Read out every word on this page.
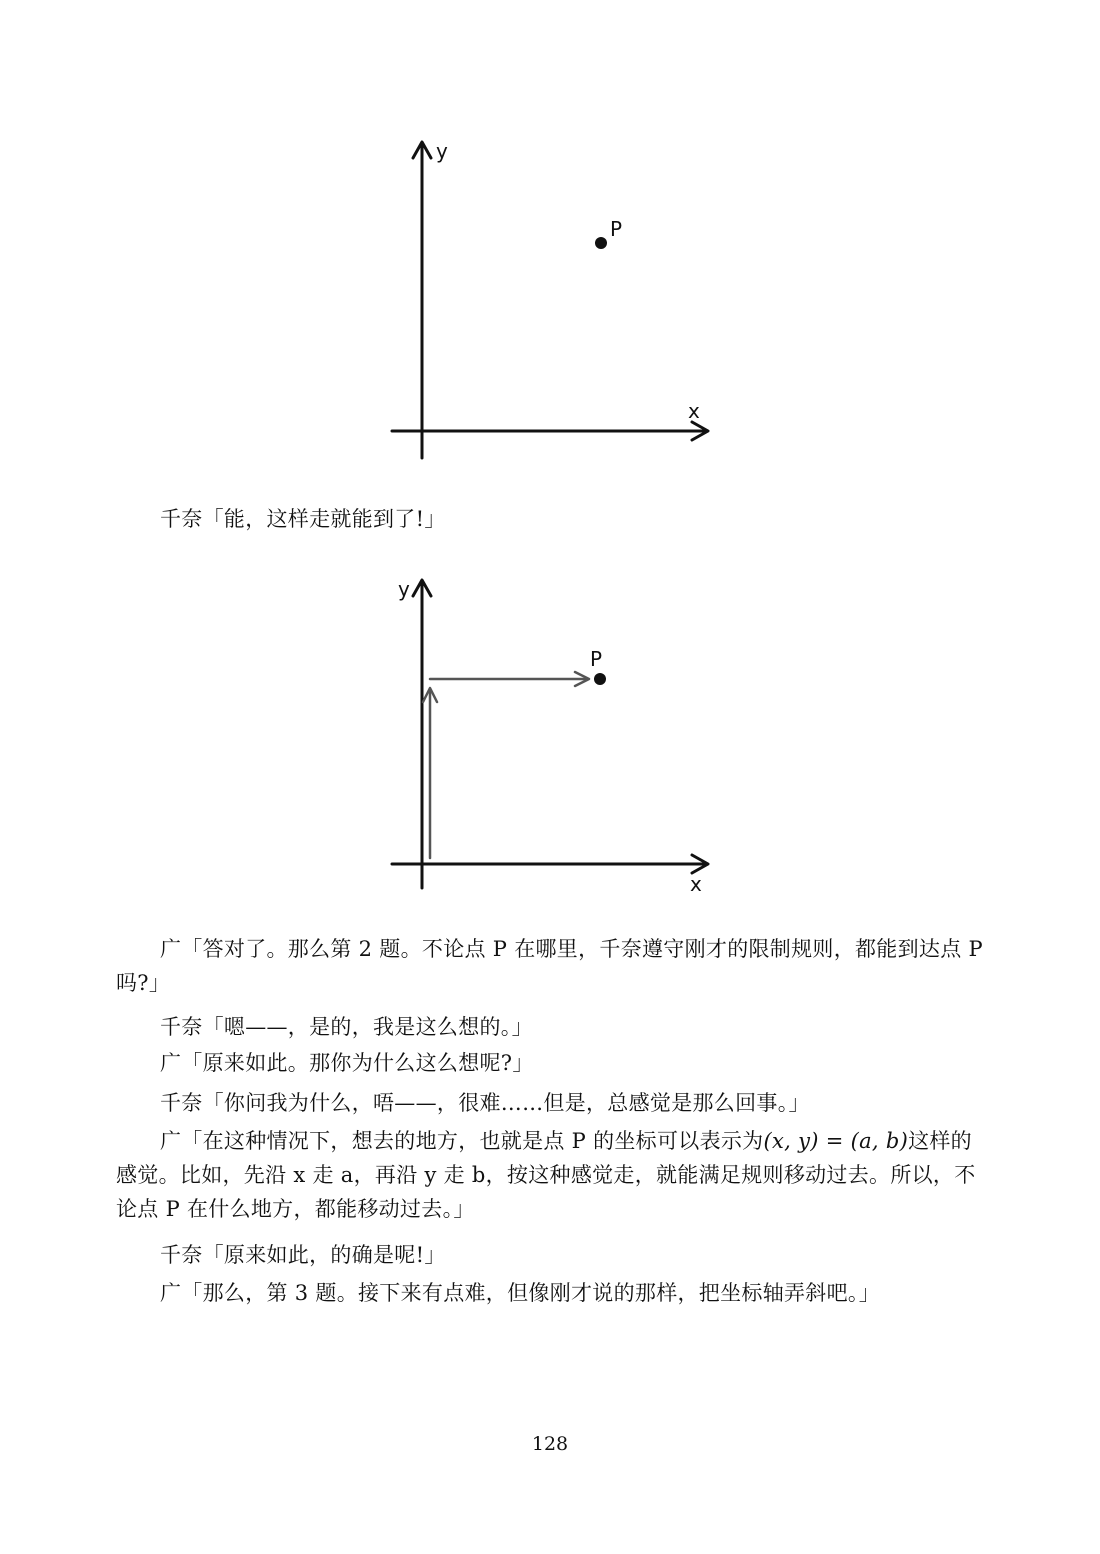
y
x
P

千奈「能，这样走就能到了!」

y
x
P

广「答对了。那么第 2 题。不论点 P 在哪里，千奈遵守刚才的限制规则，都能到达点 P 吗?」

千奈「嗯——，是的，我是这么想的。」

广「原来如此。那你为什么这么想呢?」

千奈「你问我为什么，唔——，很难……但是，总感觉是那么回事。」

广「在这种情况下，想去的地方，也就是点 P 的坐标可以表示为(x, y) = (a, b)这样的感觉。比如，先沿 x 走 a，再沿 y 走 b，按这种感觉走，就能满足规则移动过去。所以，不论点 P 在什么地方，都能移动过去。」

千奈「原来如此，的确是呢!」

广「那么，第 3 题。接下来有点难，但像刚才说的那样，把坐标轴弄斜吧。」

128
